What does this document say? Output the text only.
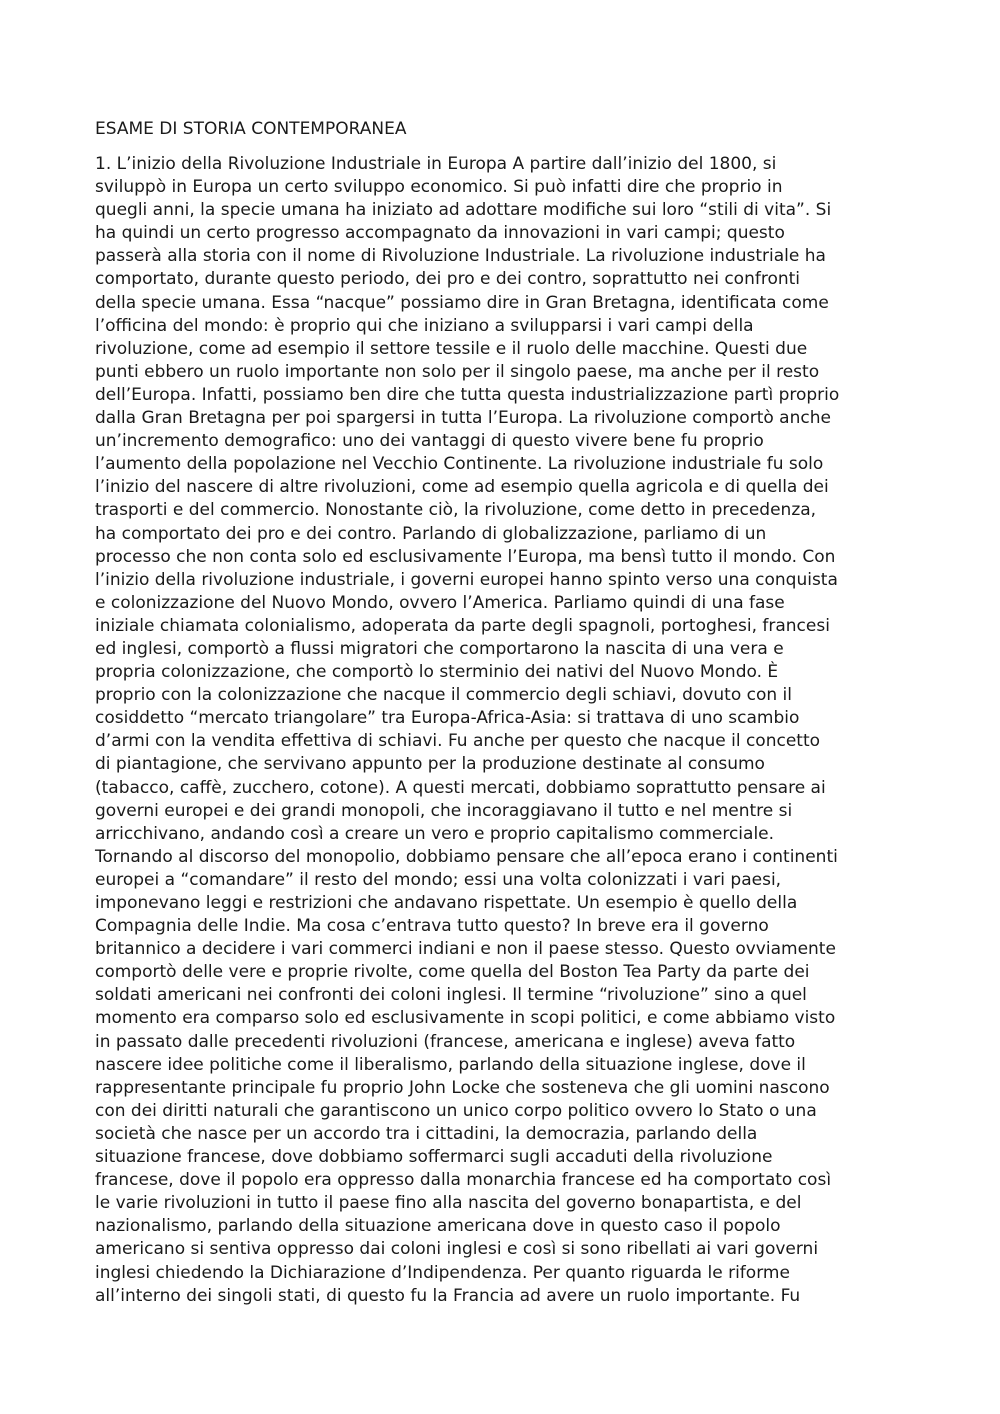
ESAME DI STORIA CONTEMPORANEA
1. L’inizio della Rivoluzione Industriale in Europa A partire dall’inizio del 1800, si
sviluppò in Europa un certo sviluppo economico. Si può infatti dire che proprio in
quegli anni, la specie umana ha iniziato ad adottare modifiche sui loro “stili di vita”. Si
ha quindi un certo progresso accompagnato da innovazioni in vari campi; questo
passerà alla storia con il nome di Rivoluzione Industriale. La rivoluzione industriale ha
comportato, durante questo periodo, dei pro e dei contro, soprattutto nei confronti
della specie umana. Essa “nacque” possiamo dire in Gran Bretagna, identificata come
l’officina del mondo: è proprio qui che iniziano a svilupparsi i vari campi della
rivoluzione, come ad esempio il settore tessile e il ruolo delle macchine. Questi due
punti ebbero un ruolo importante non solo per il singolo paese, ma anche per il resto
dell’Europa. Infatti, possiamo ben dire che tutta questa industrializzazione partì proprio
dalla Gran Bretagna per poi spargersi in tutta l’Europa. La rivoluzione comportò anche
un’incremento demografico: uno dei vantaggi di questo vivere bene fu proprio
l’aumento della popolazione nel Vecchio Continente. La rivoluzione industriale fu solo
l’inizio del nascere di altre rivoluzioni, come ad esempio quella agricola e di quella dei
trasporti e del commercio. Nonostante ciò, la rivoluzione, come detto in precedenza,
ha comportato dei pro e dei contro. Parlando di globalizzazione, parliamo di un
processo che non conta solo ed esclusivamente l’Europa, ma bensì tutto il mondo. Con
l’inizio della rivoluzione industriale, i governi europei hanno spinto verso una conquista
e colonizzazione del Nuovo Mondo, ovvero l’America. Parliamo quindi di una fase
iniziale chiamata colonialismo, adoperata da parte degli spagnoli, portoghesi, francesi
ed inglesi, comportò a flussi migratori che comportarono la nascita di una vera e
propria colonizzazione, che comportò lo sterminio dei nativi del Nuovo Mondo. È
proprio con la colonizzazione che nacque il commercio degli schiavi, dovuto con il
cosiddetto “mercato triangolare” tra Europa-Africa-Asia: si trattava di uno scambio
d’armi con la vendita effettiva di schiavi. Fu anche per questo che nacque il concetto
di piantagione, che servivano appunto per la produzione destinate al consumo
(tabacco, caffè, zucchero, cotone). A questi mercati, dobbiamo soprattutto pensare ai
governi europei e dei grandi monopoli, che incoraggiavano il tutto e nel mentre si
arricchivano, andando così a creare un vero e proprio capitalismo commerciale.
Tornando al discorso del monopolio, dobbiamo pensare che all’epoca erano i continenti
europei a “comandare” il resto del mondo; essi una volta colonizzati i vari paesi,
imponevano leggi e restrizioni che andavano rispettate. Un esempio è quello della
Compagnia delle Indie. Ma cosa c’entrava tutto questo? In breve era il governo
britannico a decidere i vari commerci indiani e non il paese stesso. Questo ovviamente
comportò delle vere e proprie rivolte, come quella del Boston Tea Party da parte dei
soldati americani nei confronti dei coloni inglesi. Il termine “rivoluzione” sino a quel
momento era comparso solo ed esclusivamente in scopi politici, e come abbiamo visto
in passato dalle precedenti rivoluzioni (francese, americana e inglese) aveva fatto
nascere idee politiche come il liberalismo, parlando della situazione inglese, dove il
rappresentante principale fu proprio John Locke che sosteneva che gli uomini nascono
con dei diritti naturali che garantiscono un unico corpo politico ovvero lo Stato o una
società che nasce per un accordo tra i cittadini, la democrazia, parlando della
situazione francese, dove dobbiamo soffermarci sugli accaduti della rivoluzione
francese, dove il popolo era oppresso dalla monarchia francese ed ha comportato così
le varie rivoluzioni in tutto il paese fino alla nascita del governo bonapartista, e del
nazionalismo, parlando della situazione americana dove in questo caso il popolo
americano si sentiva oppresso dai coloni inglesi e così si sono ribellati ai vari governi
inglesi chiedendo la Dichiarazione d’Indipendenza. Per quanto riguarda le riforme
all’interno dei singoli stati, di questo fu la Francia ad avere un ruolo importante. Fu
